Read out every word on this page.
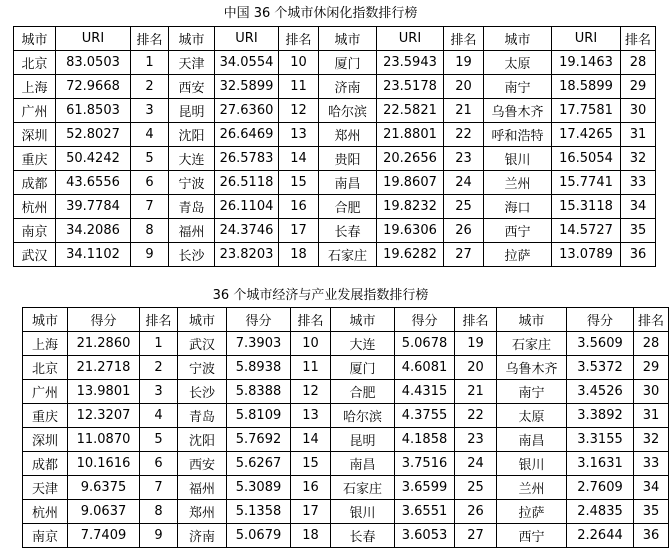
中国 36 个城市休闲化指数排行榜
城市	URI	排名	城市	URI	排名	城市	URI	排名	城市	URI	排名
北京	83.0503	1	天津	34.0554	10	厦门	23.5943	19	太原	19.1463	28
上海	72.9668	2	西安	32.5899	11	济南	23.5178	20	南宁	18.5899	29
广州	61.8503	3	昆明	27.6360	12	哈尔滨	22.5821	21	乌鲁木齐	17.7581	30
深圳	52.8027	4	沈阳	26.6469	13	郑州	21.8801	22	呼和浩特	17.4265	31
重庆	50.4242	5	大连	26.5783	14	贵阳	20.2656	23	银川	16.5054	32
成都	43.6556	6	宁波	26.5118	15	南昌	19.8607	24	兰州	15.7741	33
杭州	39.7784	7	青岛	26.1104	16	合肥	19.8232	25	海口	15.3118	34
南京	34.2086	8	福州	24.3746	17	长春	19.6306	26	西宁	14.5727	35
武汉	34.1102	9	长沙	23.8203	18	石家庄	19.6282	27	拉萨	13.0789	36
36 个城市经济与产业发展指数排行榜
城市	得分	排名	城市	得分	排名	城市	得分	排名	城市	得分	排名
上海	21.2860	1	武汉	7.3903	10	大连	5.0678	19	石家庄	3.5609	28
北京	21.2718	2	宁波	5.8938	11	厦门	4.6081	20	乌鲁木齐	3.5372	29
广州	13.9801	3	长沙	5.8388	12	合肥	4.4315	21	南宁	3.4526	30
重庆	12.3207	4	青岛	5.8109	13	哈尔滨	4.3755	22	太原	3.3892	31
深圳	11.0870	5	沈阳	5.7692	14	昆明	4.1858	23	南昌	3.3155	32
成都	10.1616	6	西安	5.6267	15	南昌	3.7516	24	银川	3.1631	33
天津	9.6375	7	福州	5.3089	16	石家庄	3.6599	25	兰州	2.7609	34
杭州	9.0637	8	郑州	5.1358	17	银川	3.6551	26	拉萨	2.4835	35
南京	7.7409	9	济南	5.0679	18	长春	3.6053	27	西宁	2.2644	36
